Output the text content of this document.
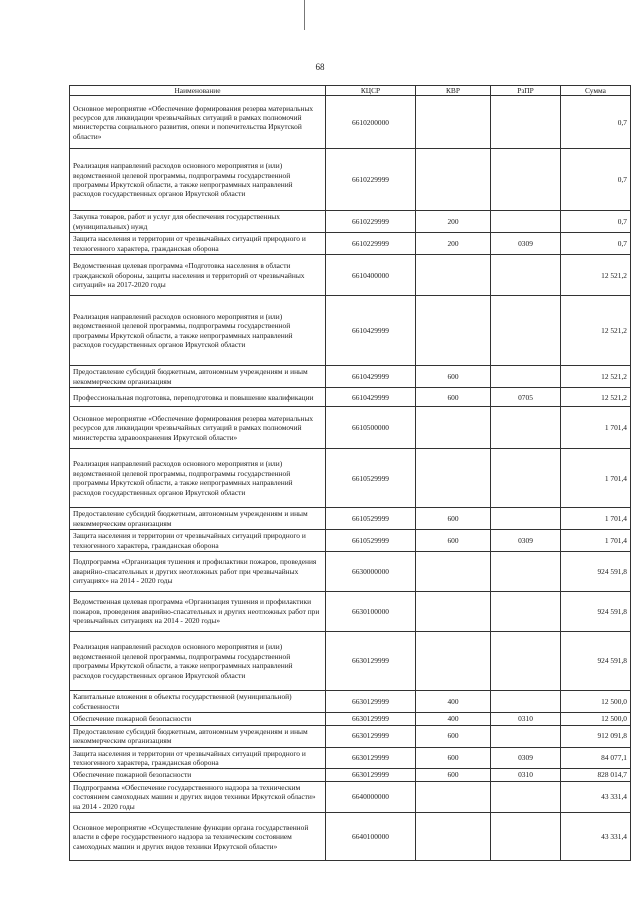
68
Наименование	КЦСР	КВР	РзПР	Сумма
Основное мероприятие «Обеспечение формирования резерва материальных ресурсов для ликвидации чрезвычайных ситуаций в рамках полномочий министерства социального развития, опеки и попечительства Иркутской области»	6610200000			0,7
Реализация направлений расходов основного мероприятия и (или) ведомственной целевой программы, подпрограммы государственной программы Иркутской области, а также непрограммных направлений расходов государственных органов Иркутской области	6610229999			0,7
Закупка товаров, работ и услуг для обеспечения государственных (муниципальных) нужд	6610229999	200		0,7
Защита населения и территории от чрезвычайных ситуаций природного и техногенного характера, гражданская оборона	6610229999	200	0309	0,7
Ведомственная целевая программа «Подготовка населения в области гражданской обороны, защиты населения и территорий от чрезвычайных ситуаций» на 2017-2020 годы	6610400000			12 521,2
Реализация направлений расходов основного мероприятия и (или) ведомственной целевой программы, подпрограммы государственной программы Иркутской области, а также непрограммных направлений расходов государственных органов Иркутской области	6610429999			12 521,2
Предоставление субсидий бюджетным, автономным учреждениям и иным некоммерческим организациям	6610429999	600		12 521,2
Профессиональная подготовка, переподготовка и повышение квалификации	6610429999	600	0705	12 521,2
Основное мероприятие «Обеспечение формирования резерва материальных ресурсов для ликвидации чрезвычайных ситуаций в рамках полномочий министерства здравоохранения Иркутской области»	6610500000			1 701,4
Реализация направлений расходов основного мероприятия и (или) ведомственной целевой программы, подпрограммы государственной программы Иркутской области, а также непрограммных направлений расходов государственных органов Иркутской области	6610529999			1 701,4
Предоставление субсидий бюджетным, автономным учреждениям и иным некоммерческим организациям	6610529999	600		1 701,4
Защита населения и территории от чрезвычайных ситуаций природного и техногенного характера, гражданская оборона	6610529999	600	0309	1 701,4
Подпрограмма «Организация тушения и профилактики пожаров, проведения аварийно-спасательных и других неотложных работ при чрезвычайных ситуациях» на 2014 - 2020 годы	6630000000			924 591,8
Ведомственная целевая программа «Организация тушения и профилактики пожаров, проведения аварийно-спасательных и других неотложных работ при чрезвычайных ситуациях на 2014 - 2020 годы»	6630100000			924 591,8
Реализация направлений расходов основного мероприятия и (или) ведомственной целевой программы, подпрограммы государственной программы Иркутской области, а также непрограммных направлений расходов государственных органов Иркутской области	6630129999			924 591,8
Капитальные вложения в объекты государственной (муниципальной) собственности	6630129999	400		12 500,0
Обеспечение пожарной безопасности	6630129999	400	0310	12 500,0
Предоставление субсидий бюджетным, автономным учреждениям и иным некоммерческим организациям	6630129999	600		912 091,8
Защита населения и территории от чрезвычайных ситуаций природного и техногенного характера, гражданская оборона	6630129999	600	0309	84 077,1
Обеспечение пожарной безопасности	6630129999	600	0310	828 014,7
Подпрограмма «Обеспечение государственного надзора за техническим состоянием самоходных машин и других видов техники Иркутской области» на 2014 - 2020 годы	6640000000			43 331,4
Основное мероприятие «Осуществление функции органа государственной власти в сфере государственного надзора за техническим состоянием самоходных машин и других видов техники Иркутской области»	6640100000			43 331,4
